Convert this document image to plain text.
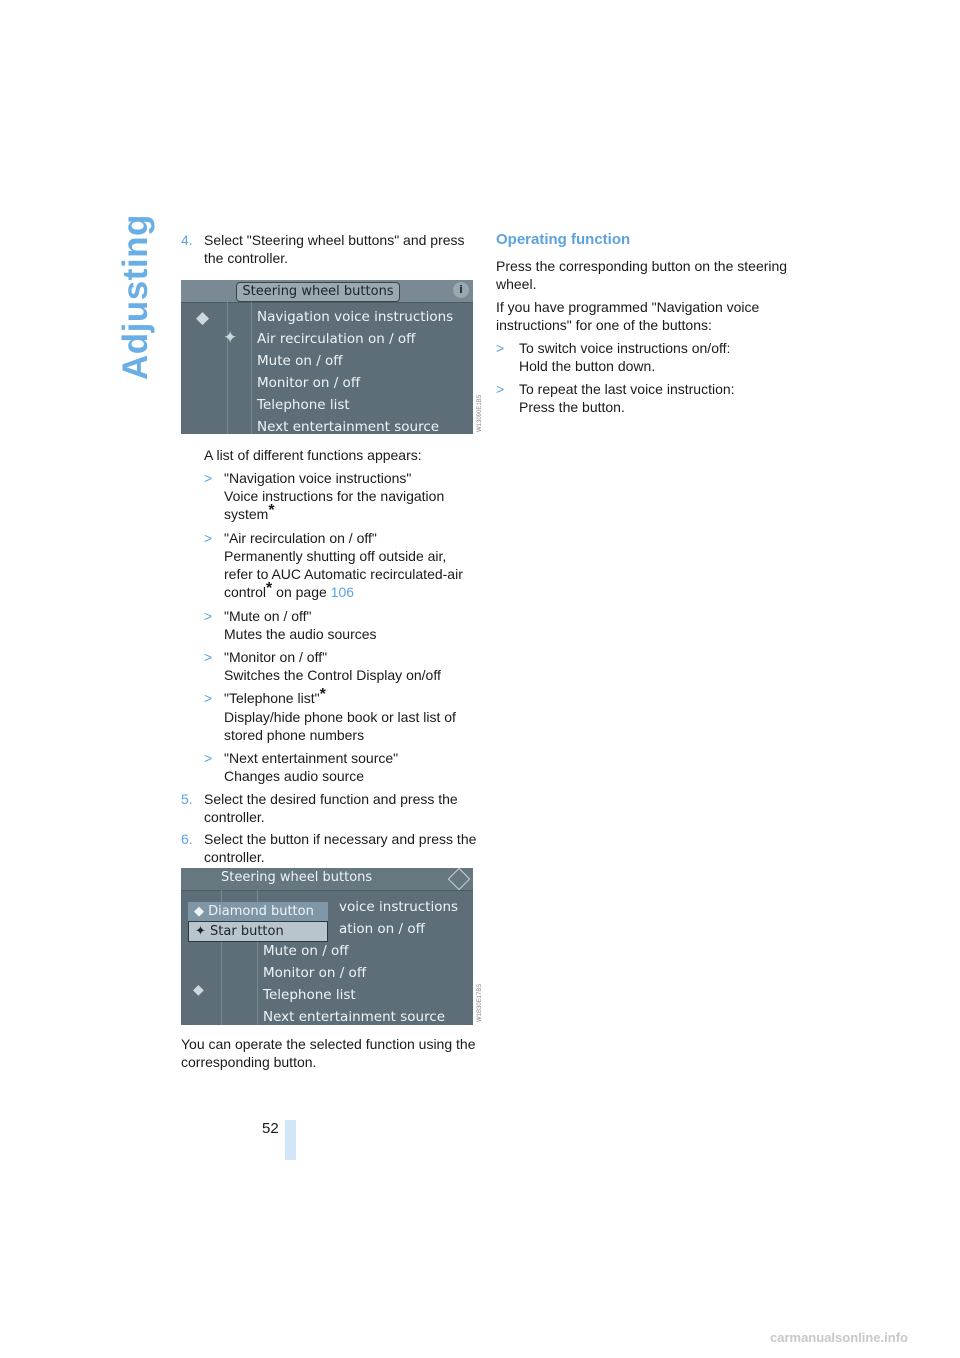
Adjusting
52
4. Select "Steering wheel buttons" and press the controller.
Steering wheel buttons	i
◆
✦
Navigation voice instructions
Air recirculation on / off
Mute on / off
Monitor on / off
Telephone list
Next entertainment source	W13090E1B5

A list of different functions appears:

> "Navigation voice instructions"
Voice instructions for the navigation system*
> "Air recirculation on / off"
Permanently shutting off outside air, refer to AUC Automatic recirculated-air control* on page 106
> "Mute on / off"
Mutes the audio sources
> "Monitor on / off"
Switches the Control Display on/off
> "Telephone list"*
Display/hide phone book or last list of stored phone numbers
> "Next entertainment source"
Changes audio source
5. Select the desired function and press the controller.
6. Select the button if necessary and press the controller.
Steering wheel buttons
voice instructions
ation on / off
◆ Diamond button
✦ Star button
◆
Mute on / off
Monitor on / off
Telephone list
Next entertainment source	W1B30E17BS

You can operate the selected function using the corresponding button.

Operating function

Press the corresponding button on the steering wheel.

If you have programmed "Navigation voice instructions" for one of the buttons:

> To switch voice instructions on/off:
Hold the button down.
> To repeat the last voice instruction:
Press the button.
carmanualsonline.info
